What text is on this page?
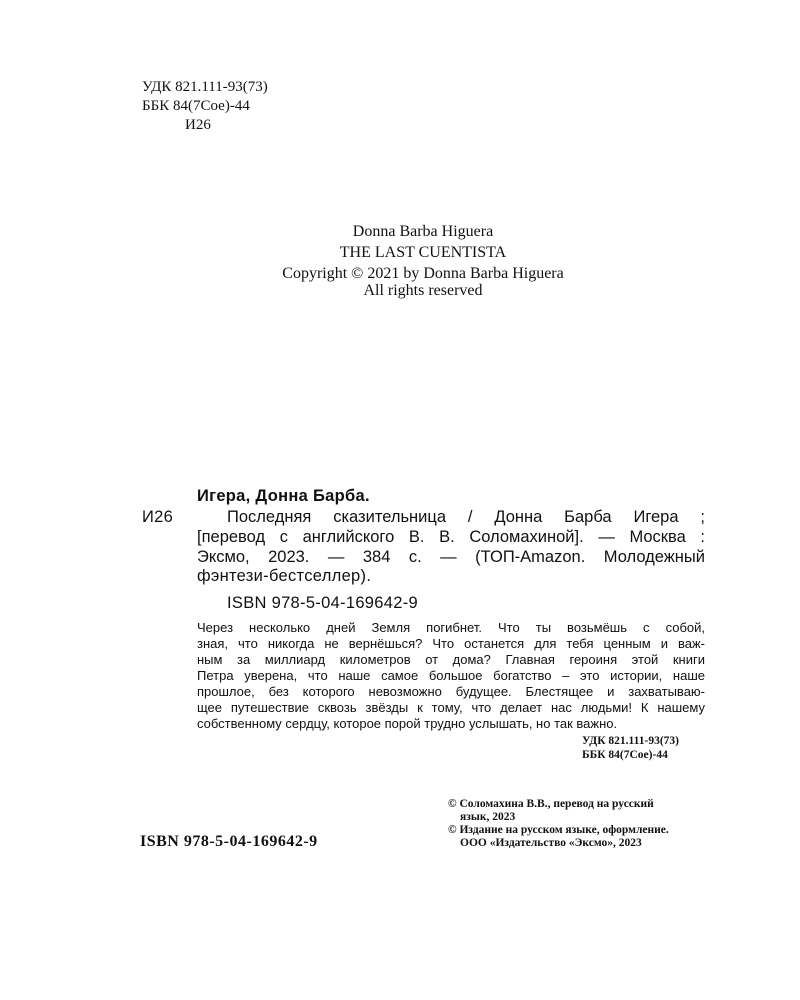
УДК 821.111-93(73)
ББК 84(7Сое)-44
И26
Donna Barba Higuera
THE LAST CUENTISTA
Copyright © 2021 by Donna Barba Higuera
All rights reserved
Игера, Донна Барба.
И26	Последняя сказительница / Донна Барба Игера ;
[перевод с английского В. В. Соломахиной]. — Москва :
Эксмо, 2023. — 384 с. — (ТОП-Amazon. Молодежный
фэнтези-бестселлер).
ISBN 978-5-04-169642-9
Через несколько дней Земля погибнет. Что ты возьмёшь с собой,
зная, что никогда не вернёшься? Что останется для тебя ценным и важ-
ным за миллиард километров от дома? Главная героиня этой книги
Петра уверена, что наше самое большое богатство – это истории, наше
прошлое, без которого невозможно будущее. Блестящее и захватываю-
щее путешествие сквозь звёзды к тому, что делает нас людьми! К нашему
собственному сердцу, которое порой трудно услышать, но так важно.
УДК 821.111-93(73)
ББК 84(7Сое)-44
© Соломахина В.В., перевод на русский
язык, 2023
© Издание на русском языке, оформление.
ООО «Издательство «Эксмо», 2023
ISBN 978-5-04-169642-9
